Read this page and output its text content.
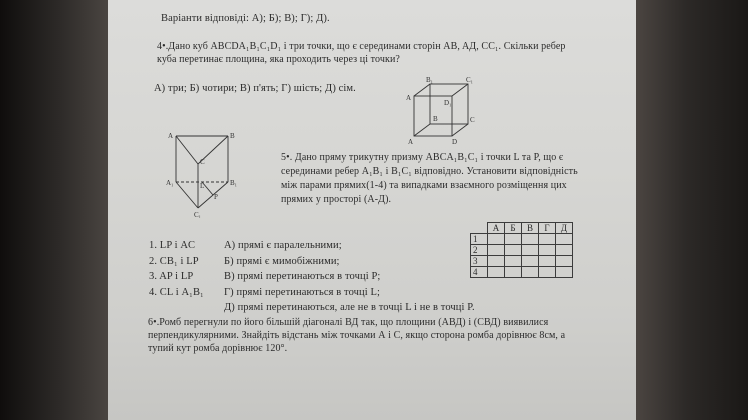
Варіанти відповіді: А); Б); В); Г); Д).
4•.Дано куб ABCDA₁B₁C₁D₁ і три точки, що є серединами сторін AB, AД, CC₁. Скільки ребер
куба перетинає площина, яка проходить через ці точки?
А) три; Б) чотири; В) п'ять; Г) шість; Д) сім.
B₁	C₁
A
D₁
B	C
A	D
A	B
C
A₁	L	B₁
P
C₁
5•. Дано пряму трикутну призму ABCA₁B₁C₁ і точки L та P, що є
серединами ребер A₁B₁ і B₁C₁ відповідно. Установити відповідність
між парами прямих(1-4) та випадками взаємного розміщення цих
прямих у просторі (А-Д).
	А	Б	В	Г	Д
1					
2					
3					
4					
1. LP і AC
2. CB₁ і LP
3. AP і LP
4. CL і A₁B₁
А) прямі є паралельними;
Б) прямі є мимобіжними;
В) прямі перетинаються в точці P;
Г) прямі перетинаються в точці L;
Д) прямі перетинаються, але не в точці L і не в точці P.
6•.Ромб перегнули по його більшій діагоналі ВД так, що площини (АВД) і (СВД) виявилися
перпендикулярними. Знайдіть відстань між точками А і С, якщо сторона ромба дорівнює 8см, а
тупий кут ромба дорівнює 120°.
